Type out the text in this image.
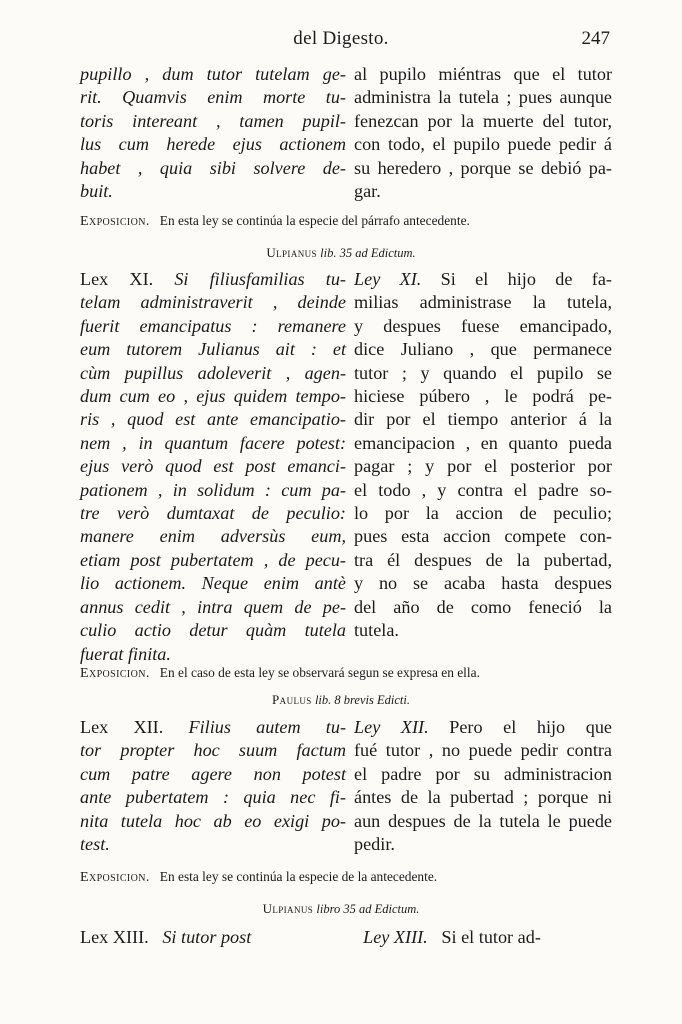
del Digesto.	247
pupillo , dum tutor tutelam ge-
rit. Quamvis enim morte tu-
toris intereant , tamen pupil-
lus cum herede ejus actionem
habet , quia sibi solvere de-
buit.
al pupilo miéntras que el tutor
administra la tutela ; pues aunque
fenezcan por la muerte del tutor,
con todo, el pupilo puede pedir á
su heredero , porque se debió pa-
gar.
Exposicion. En esta ley se continúa la especie del párrafo antecedente.
Ulpianus lib. 35 ad Edictum.
Lex XI. Si filiusfamilias tu-
telam administraverit , deinde
fuerit emancipatus : remanere
eum tutorem Julianus ait : et
cùm pupillus adoleverit , agen-
dum cum eo , ejus quidem tempo-
ris , quod est ante emancipatio-
nem , in quantum facere potest:
ejus verò quod est post emanci-
pationem , in solidum : cum pa-
tre verò dumtaxat de peculio:
manere enim adversùs eum,
etiam post pubertatem , de pecu-
lio actionem. Neque enim antè
annus cedit , intra quem de pe-
culio actio detur quàm tutela
fuerat finita.
Ley XI. Si el hijo de fa-
milias administrase la tutela,
y despues fuese emancipado,
dice Juliano , que permanece
tutor ; y quando el pupilo se
hiciese púbero , le podrá pe-
dir por el tiempo anterior á la
emancipacion , en quanto pueda
pagar ; y por el posterior por
el todo , y contra el padre so-
lo por la accion de peculio;
pues esta accion compete con-
tra él despues de la pubertad,
y no se acaba hasta despues
del año de como feneció la
tutela.
Exposicion. En el caso de esta ley se observará segun se expresa en ella.
Paulus lib. 8 brevis Edicti.
Lex XII. Filius autem tu-
tor propter hoc suum factum
cum patre agere non potest
ante pubertatem : quia nec fi-
nita tutela hoc ab eo exigi po-
test.
Ley XII. Pero el hijo que
fué tutor , no puede pedir contra
el padre por su administracion
ántes de la pubertad ; porque ni
aun despues de la tutela le puede
pedir.
Exposicion. En esta ley se continúa la especie de la antecedente.
Ulpianus libro 35 ad Edictum.
Lex XIII. Si tutor post	Ley XIII. Si el tutor ad-
